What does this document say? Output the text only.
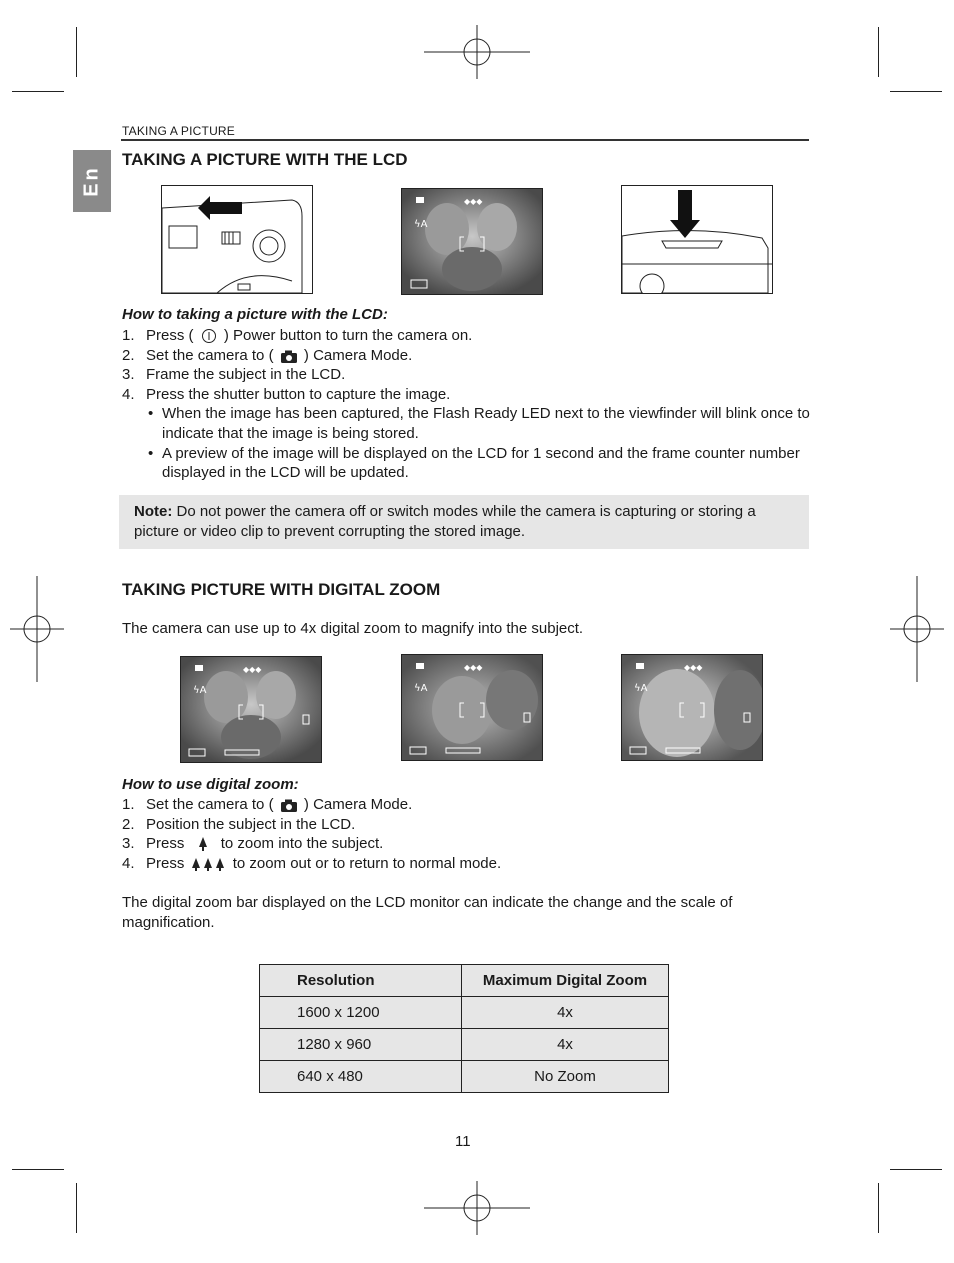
TAKING A PICTURE
En
TAKING A PICTURE WITH THE LCD
◆◆◆
ϟA
How to taking a picture with the LCD:
1. Press ( ) Power button to turn the camera on.
2. Set the camera to ( ) Camera Mode.
3. Frame the subject in the LCD.
4. Press the shutter button to capture the image.
• When the image has been captured, the Flash Ready LED next to the viewfinder will blink once to indicate that the image is being stored.
• A preview of the image will be displayed on the LCD for 1 second and the frame counter number displayed in the LCD will be updated.

Note: Do not power the camera off or switch modes while the camera is capturing or storing a picture or video clip to prevent corrupting the stored image.

TAKING PICTURE WITH DIGITAL ZOOM

The camera can use up to 4x digital zoom to magnify into the subject.

◆◆◆
ϟA
◆◆◆
ϟA
◆◆◆
ϟA
How to use digital zoom:
1. Set the camera to ( ) Camera Mode.
2. Position the subject in the LCD.
3. Press to zoom into the subject.
4. Press	to zoom out or to return to normal mode.

The digital zoom bar displayed on the LCD monitor can indicate the change and the scale of magnification.

Resolution	Maximum Digital Zoom
1600 x 1200	4x
1280 x 960	4x
640 x 480	No Zoom
11
